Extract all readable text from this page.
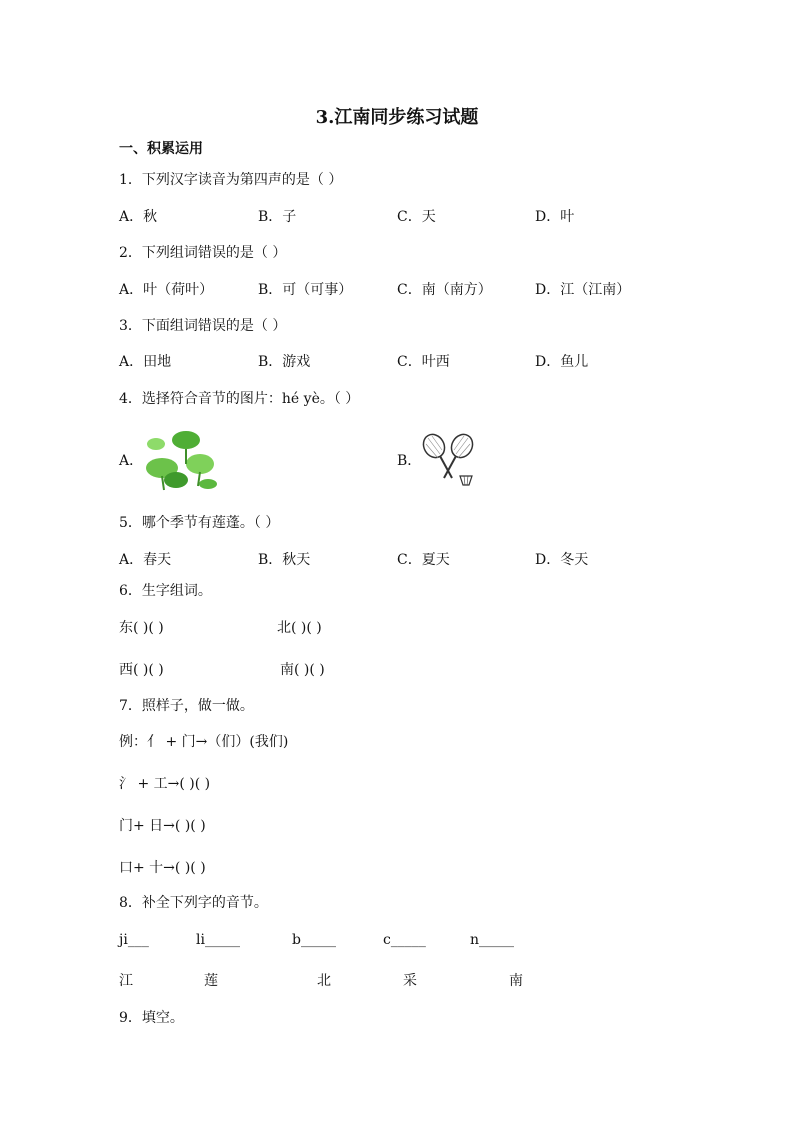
3.江南同步练习试题
一、积累运用
1．下列汉字读音为第四声的是（ ）
A．秋	B．子	C．天	D．叶
2．下列组词错误的是（ ）
A．叶（荷叶）	B．可（可事）	C．南（南方）	D．江（江南）
3．下面组词错误的是（ ）
A．田地	B．游戏	C．叶西	D．鱼儿
4．选择符合音节的图片：hé yè。（ ）
A．	B．
5．哪个季节有莲蓬。（ ）
A．春天	B．秋天	C．夏天	D．冬天
6．生字组词。
东( )( )	北( )( )
西( )( )	南( )( )
7．照样子，做一做。
例：亻 + 门→（们）(我们)
氵 + 工→( )( )
门+ 日→( )( )
口+ 十→( )( )
8．补全下列字的音节。
ji___	li_____	b_____	c_____	n_____
江	莲	北	采	南
9．填空。
